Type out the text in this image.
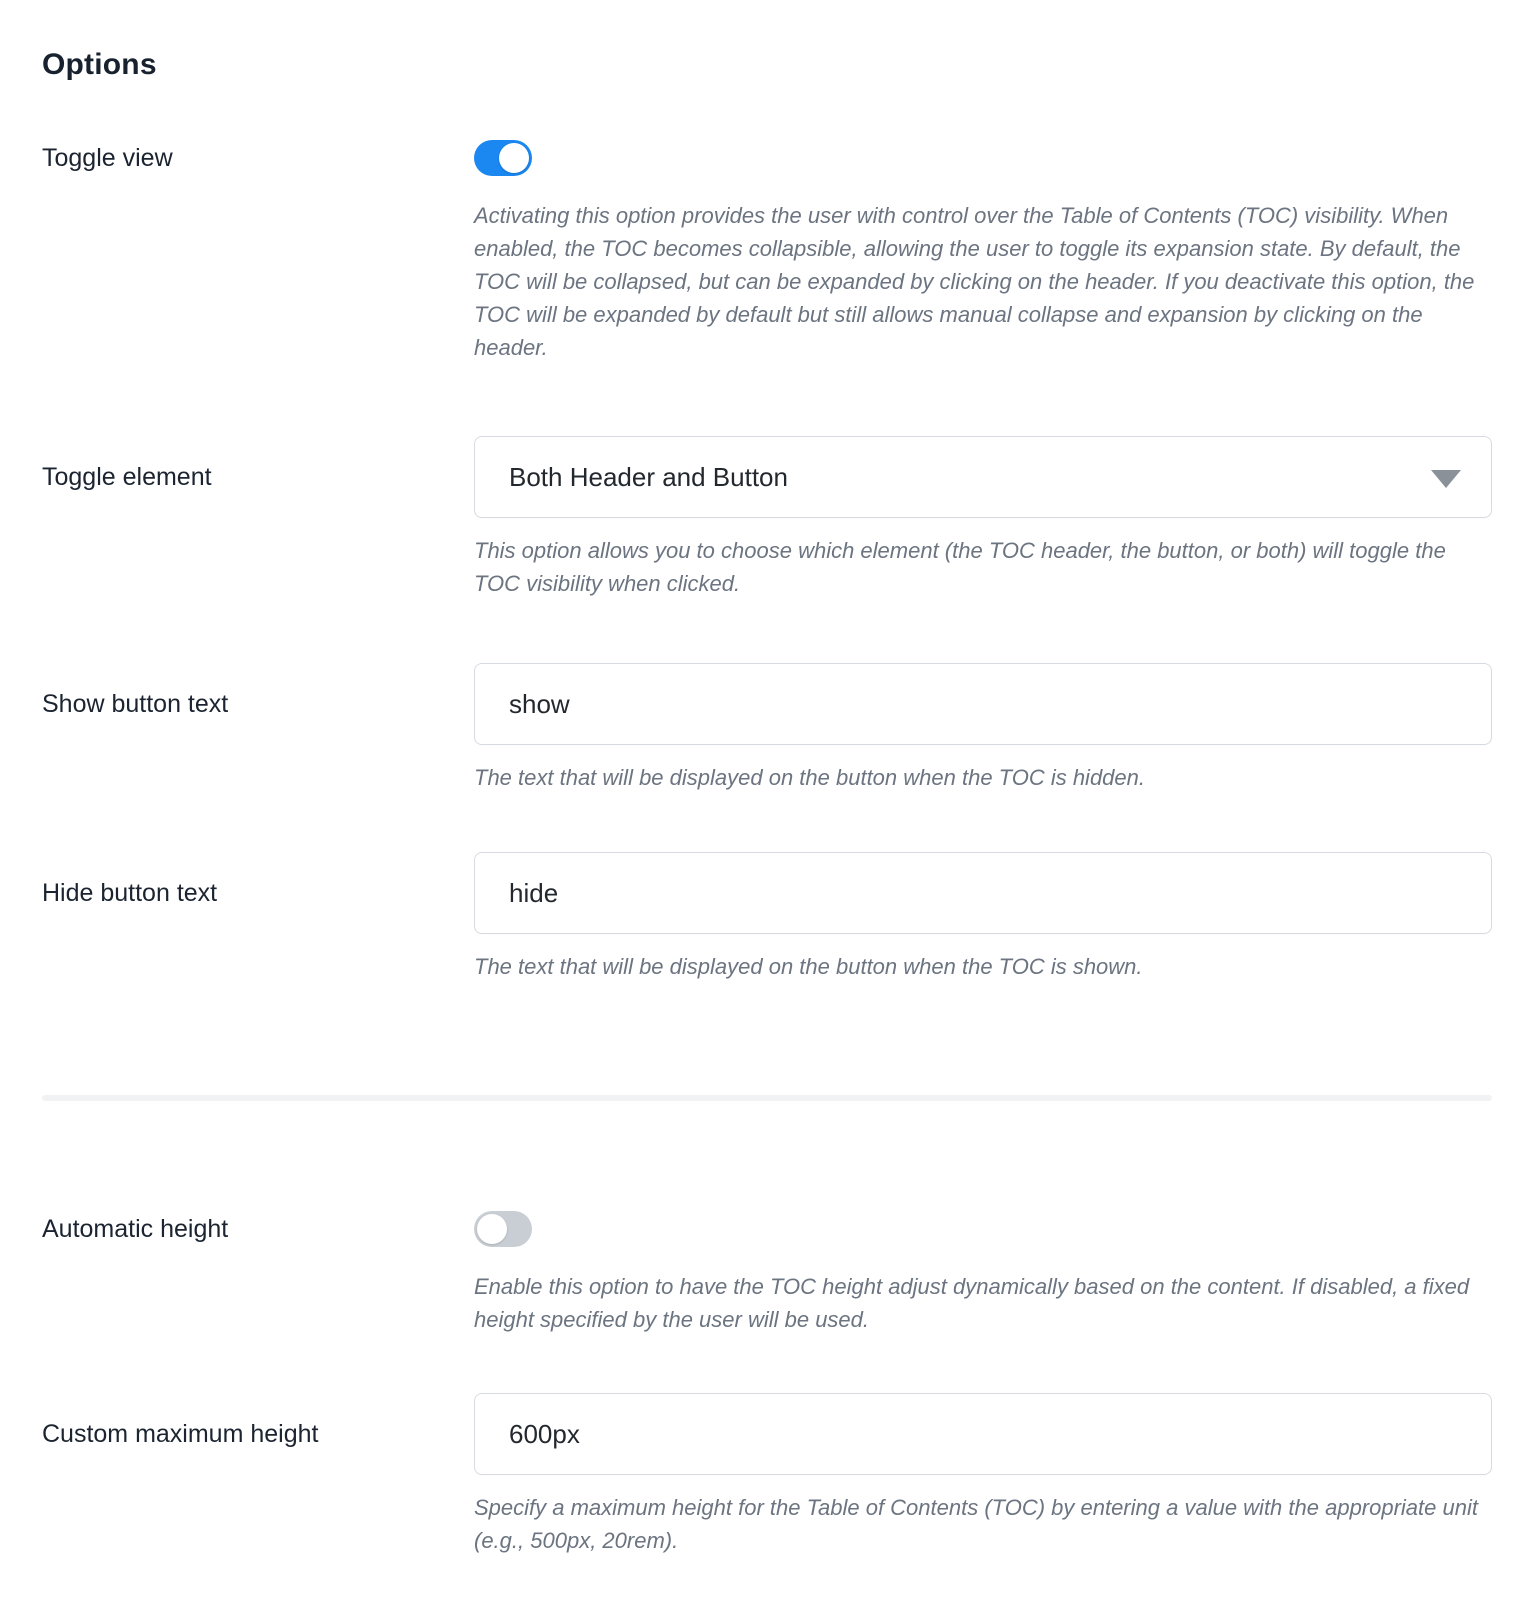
Options
Toggle view

Activating this option provides the user with control over the Table of Contents (TOC) visibility. When enabled, the TOC becomes collapsible, allowing the user to toggle its expansion state. By default, the TOC will be collapsed, but can be expanded by clicking on the header. If you deactivate this option, the TOC will be expanded by default but still allows manual collapse and expansion by clicking on the header.

Toggle element	Both Header and Button

This option allows you to choose which element (the TOC header, the button, or both) will toggle the TOC visibility when clicked.

Show button text
show

The text that will be displayed on the button when the TOC is hidden.

Hide button text
hide

The text that will be displayed on the button when the TOC is shown.

Automatic height

Enable this option to have the TOC height adjust dynamically based on the content. If disabled, a fixed height specified by the user will be used.

Custom maximum height
600px

Specify a maximum height for the Table of Contents (TOC) by entering a value with the appropriate unit (e.g., 500px, 20rem).
